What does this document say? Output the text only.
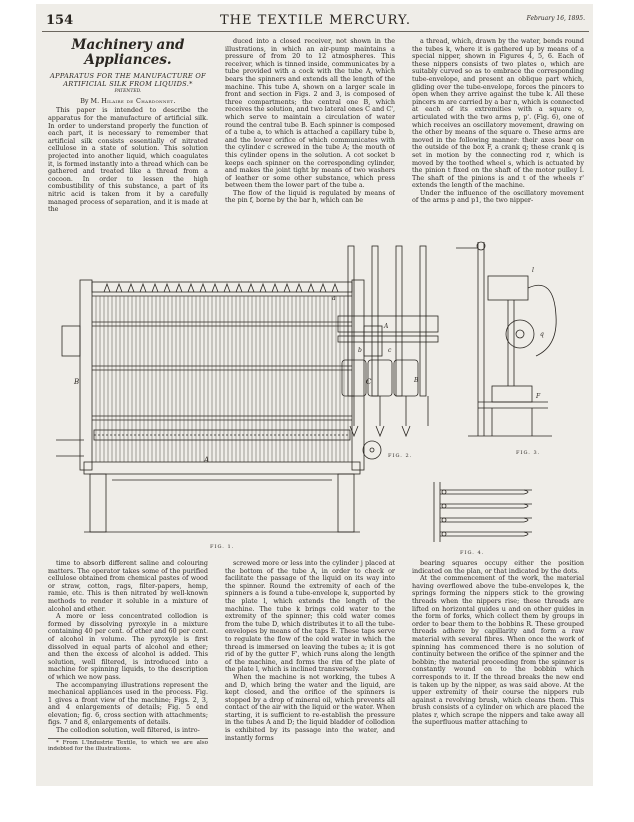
154	THE TEXTILE MERCURY.	February 16, 1895.
Machinery and
Appliances.
APPARATUS FOR THE MANUFACTURE OF ARTIFICIAL SILK FROM LIQUIDS.*
PATENTED.
By M. Hilaire de Chardonnet.

This paper is intended to describe the apparatus for the manufacture of artificial silk. In order to understand properly the function of each part, it is necessary to remember that artificial silk consists essentially of nitrated cellulose in a state of solution. This solution projected into another liquid, which coagulates it, is formed instantly into a thread which can be gathered and treated like a thread from a cocoon. In order to lessen the high combustibility of this substance, a part of its nitric acid is taken from it by a carefully managed process of separation, and it is made at the

duced into a closed receiver, not shown in the illustrations, in which an air-pump maintains a pressure of from 20 to 12 atmospheres. This receiver, which is tinned inside, communicates by a tube provided with a cock with the tube A, which bears the spinners and extends all the length of the machine. This tube A, shown on a larger scale in front and section in Figs. 2 and 3, is composed of three compartments; the central one B, which receives the solution, and two lateral ones C and C', which serve to maintain a circulation of water round the central tube B. Each spinner is composed of a tube a, to which is attached a capillary tube b, and the lower orifice of which communicates with the cylinder c screwed in the tube A; the mouth of this cylinder opens in the solution. A cot socket b keeps each spinner on the corresponding cylinder, and makes the joint tight by means of two washers of leather or some other substance, which press between them the lower part of the tube a.

The flow of the liquid is regulated by means of the pin f, borne by the bar h, which can be

a thread, which, drawn by the water, bends round the tubes k, where it is gathered up by means of a special nipper, shown in Figures 4, 5, 6. Each of these nippers consists of two plates o, which are suitably curved so as to embrace the corresponding tube-envelope, and present an oblique part which, gliding over the tube-envelope, forces the pincers to open when they arrive against the tube k. All these pincers m are carried by a bar n, which is connected at each of its extremities with a square o, articulated with the two arms p, p'. (Fig. 6), one of which receives an oscillatory movement, drawing on the other by means of the square o. These arms are moved in the following manner: their axes bear on the outside of the box F, a crank q; these crank q is set in motion by the connecting rod r, which is moved by the toothed wheel s, which is actuated by the pinion t fixed on the shaft of the motor pulley l. The shaft of the pinions is and t of the wheels r' extends the length of the machine.

Under the influence of the oscillatory movement of the arms p and p1, the two nipper-

A
B	C
FIG. 1.
a
b	c
A
B
FIG. 2.
l
q
F
FIG. 3.
FIG. 4.

time to absorb different saline and colouring matters. The operator takes some of the purified cellulose obtained from chemical pastes of wood or straw, cotton, rags, filter-papers, hemp, ramie, etc. This is then nitrated by well-known methods to render it soluble in a mixture of alcohol and ether.

A more or less concentrated collodion is formed by dissolving pyroxyle in a mixture containing 40 per cent. of ether and 60 per cent. of alcohol in volume. The pyroxyle is first dissolved in equal parts of alcohol and ether; and then the excess of alcohol is added. This solution, well filtered, is introduced into a machine for spinning liquids, to the description of which we now pass.

The accompanying illustrations represent the mechanical appliances used in the process. Fig. 1 gives a front view of the machine; Figs. 2, 3, and 4 enlargements of details; Fig. 5 end elevation; fig. 6, cross section with attachments; figs. 7 and 8, enlargements of details.

The collodion solution, well filtered, is intro-

* From L'Industrie Textile, to which we are also indebted for the illustrations.

screwed more or less into the cylinder j placed at the bottom of the tube A, in order to check or facilitate the passage of the liquid on its way into the spinner. Round the extremity of each of the spinners a is found a tube-envelope k, supported by the plate l, which extends the length of the machine. The tube k brings cold water to the extremity of the spinner; this cold water comes from the tube D, which distributes it to all the tube-envelopes by means of the taps E. These taps serve to regulate the flow of the cold water in which the thread is immersed on leaving the tubes a; it is got rid of by the gutter F', which runs along the length of the machine, and forms the rim of the plate of the plate l, which is inclined transversely.

When the machine is not working, the tubes A and D, which bring the water and the liquid, are kept closed, and the orifice of the spinners is stopped by a drop of mineral oil, which prevents all contact of the air with the liquid or the water. When starting, it is sufficient to re-establish the pressure in the tubes A and D; the liquid bladder of collodion is exhibited by its passage into the water, and instantly forms

bearing squares occupy either the position indicated on the plan, or that indicated by the dots.

At the commencement of the work, the material having overflowed above the tube-envelopes k, the springs forming the nippers stick to the growing threads when the nippers rise; these threads are lifted on horizontal guides u and on other guides in the form of forks, which collect them by groups in order to bear them to the bobbins R. These grouped threads adhere by capillarity and form a raw material with several fibres. When once the work of spinning has commenced there is no solution of continuity between the orifice of the spinner and the bobbin; the material proceeding from the spinner is constantly wound on to the bobbin which corresponds to it. If the thread breaks the new end is taken up by the nipper, as was said above. At the upper extremity of their course the nippers rub against a revolving brush, which cleans them. This brush consists of a cylinder on which are placed the plates r, which scrape the nippers and take away all the superfluous matter attaching to
